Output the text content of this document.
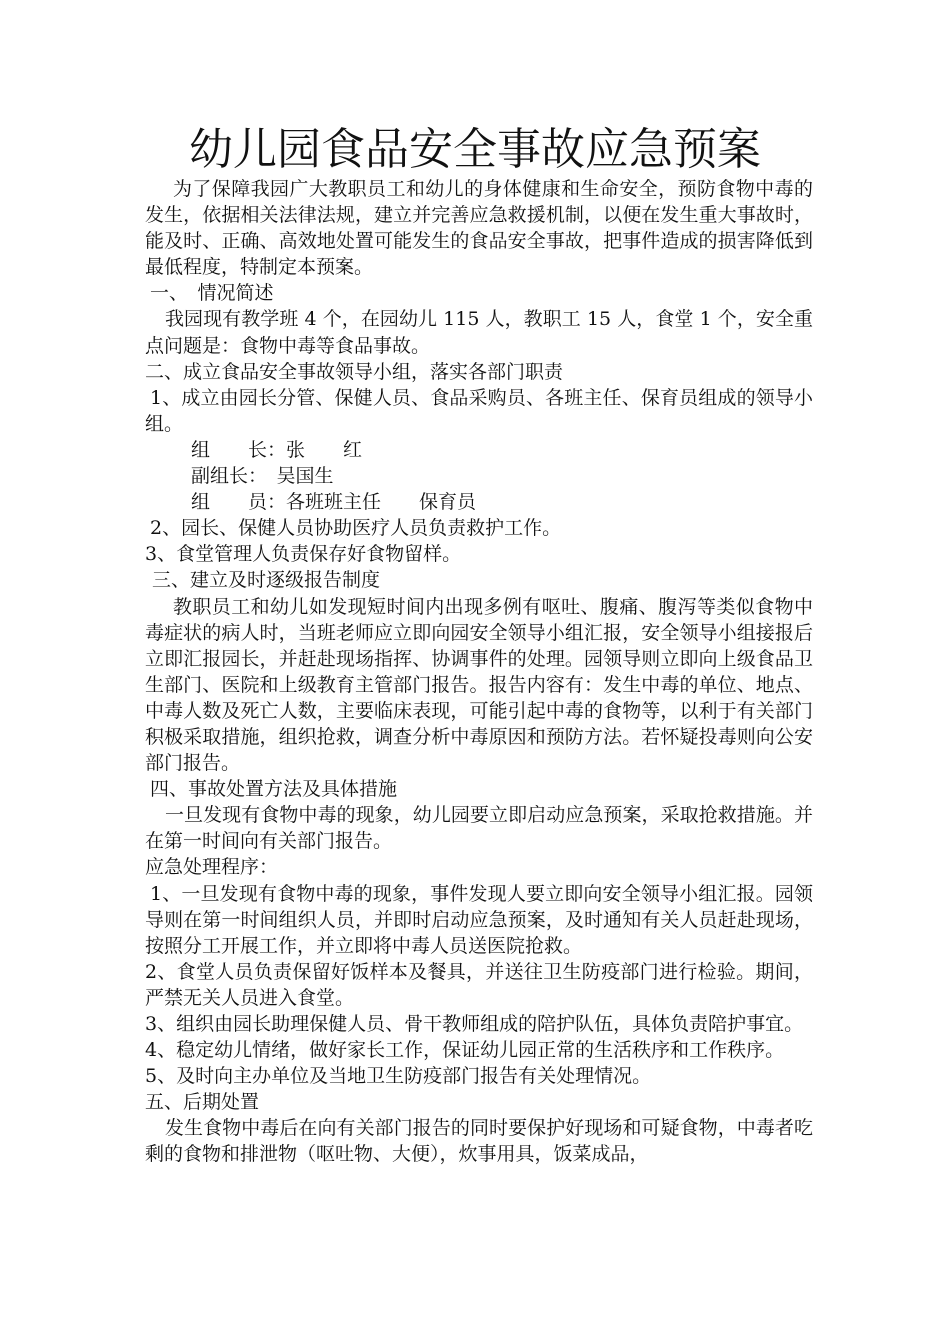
幼儿园食品安全事故应急预案

为了保障我园广大教职员工和幼儿的身体健康和生命安全，预防食物中毒的发生，依据相关法律法规，建立并完善应急救援机制，以便在发生重大事故时，能及时、正确、高效地处置可能发生的食品安全事故，把事件造成的损害降低到最低程度，特制定本预案。

一、　情况简述

我园现有教学班 4 个，在园幼儿 115 人，教职工 15 人，食堂 1 个，安全重点问题是：食物中毒等食品事故。

二、成立食品安全事故领导小组，落实各部门职责

1、成立由园长分管、保健人员、食品采购员、各班主任、保育员组成的领导小组。

组　　长：张　　红

副组长：　吴国生

组　　员：各班班主任　　保育员

2、园长、保健人员协助医疗人员负责救护工作。

3、食堂管理人负责保存好食物留样。

三、建立及时逐级报告制度

教职员工和幼儿如发现短时间内出现多例有呕吐、腹痛、腹泻等类似食物中毒症状的病人时，当班老师应立即向园安全领导小组汇报，安全领导小组接报后立即汇报园长，并赶赴现场指挥、协调事件的处理。园领导则立即向上级食品卫生部门、医院和上级教育主管部门报告。报告内容有：发生中毒的单位、地点、中毒人数及死亡人数，主要临床表现，可能引起中毒的食物等，以利于有关部门积极采取措施，组织抢救，调查分析中毒原因和预防方法。若怀疑投毒则向公安部门报告。

四、事故处置方法及具体措施

一旦发现有食物中毒的现象，幼儿园要立即启动应急预案，采取抢救措施。并在第一时间向有关部门报告。

应急处理程序：

1、一旦发现有食物中毒的现象，事件发现人要立即向安全领导小组汇报。园领导则在第一时间组织人员，并即时启动应急预案，及时通知有关人员赶赴现场，按照分工开展工作，并立即将中毒人员送医院抢救。

2、食堂人员负责保留好饭样本及餐具，并送往卫生防疫部门进行检验。期间，严禁无关人员进入食堂。

3、组织由园长助理保健人员、骨干教师组成的陪护队伍，具体负责陪护事宜。

4、稳定幼儿情绪，做好家长工作，保证幼儿园正常的生活秩序和工作秩序。

5、及时向主办单位及当地卫生防疫部门报告有关处理情况。

五、后期处置

发生食物中毒后在向有关部门报告的同时要保护好现场和可疑食物，中毒者吃剩的食物和排泄物（呕吐物、大便），炊事用具，饭菜成品，
